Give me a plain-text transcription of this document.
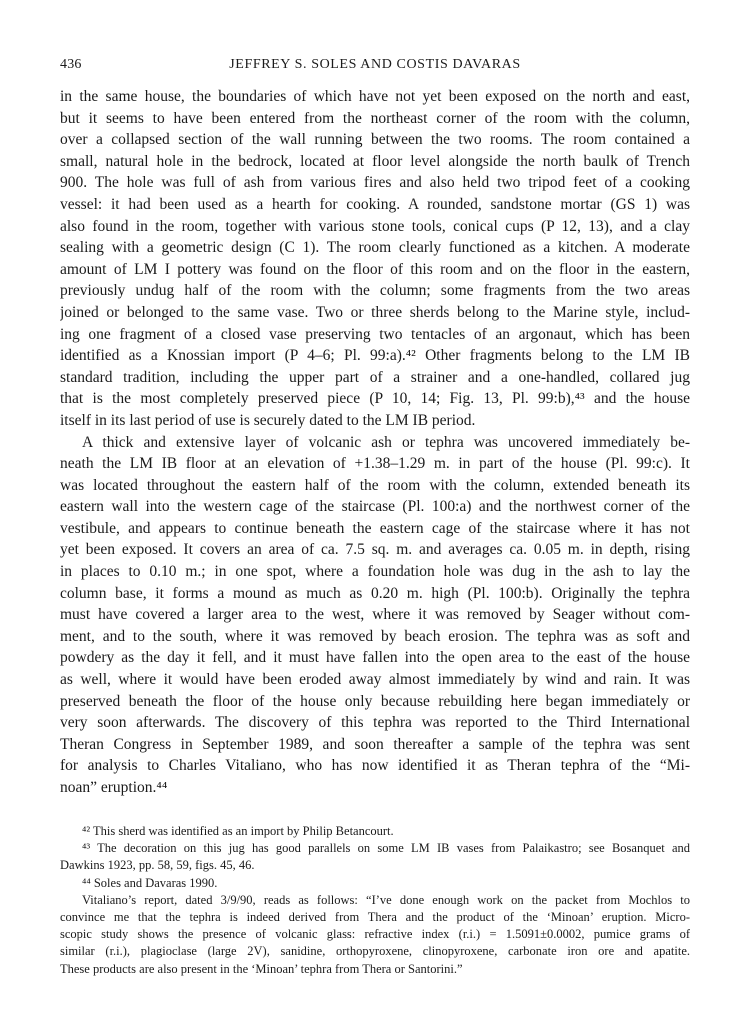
436	JEFFREY S. SOLES AND COSTIS DAVARAS
in the same house, the boundaries of which have not yet been exposed on the north and east,
but it seems to have been entered from the northeast corner of the room with the column,
over a collapsed section of the wall running between the two rooms. The room contained a
small, natural hole in the bedrock, located at floor level alongside the north baulk of Trench
900. The hole was full of ash from various fires and also held two tripod feet of a cooking
vessel: it had been used as a hearth for cooking. A rounded, sandstone mortar (GS 1) was
also found in the room, together with various stone tools, conical cups (P 12, 13), and a clay
sealing with a geometric design (C 1). The room clearly functioned as a kitchen. A moderate
amount of LM I pottery was found on the floor of this room and on the floor in the eastern,
previously undug half of the room with the column; some fragments from the two areas
joined or belonged to the same vase. Two or three sherds belong to the Marine style, includ-
ing one fragment of a closed vase preserving two tentacles of an argonaut, which has been
identified as a Knossian import (P 4–6; Pl. 99:a).⁴² Other fragments belong to the LM IB
standard tradition, including the upper part of a strainer and a one-handled, collared jug
that is the most completely preserved piece (P 10, 14; Fig. 13, Pl. 99:b),⁴³ and the house
itself in its last period of use is securely dated to the LM IB period.
A thick and extensive layer of volcanic ash or tephra was uncovered immediately be-
neath the LM IB floor at an elevation of +1.38–1.29 m. in part of the house (Pl. 99:c). It
was located throughout the eastern half of the room with the column, extended beneath its
eastern wall into the western cage of the staircase (Pl. 100:a) and the northwest corner of the
vestibule, and appears to continue beneath the eastern cage of the staircase where it has not
yet been exposed. It covers an area of ca. 7.5 sq. m. and averages ca. 0.05 m. in depth, rising
in places to 0.10 m.; in one spot, where a foundation hole was dug in the ash to lay the
column base, it forms a mound as much as 0.20 m. high (Pl. 100:b). Originally the tephra
must have covered a larger area to the west, where it was removed by Seager without com-
ment, and to the south, where it was removed by beach erosion. The tephra was as soft and
powdery as the day it fell, and it must have fallen into the open area to the east of the house
as well, where it would have been eroded away almost immediately by wind and rain. It was
preserved beneath the floor of the house only because rebuilding here began immediately or
very soon afterwards. The discovery of this tephra was reported to the Third International
Theran Congress in September 1989, and soon thereafter a sample of the tephra was sent
for analysis to Charles Vitaliano, who has now identified it as Theran tephra of the “Mi-
noan” eruption.⁴⁴
⁴² This sherd was identified as an import by Philip Betancourt.
⁴³ The decoration on this jug has good parallels on some LM IB vases from Palaikastro; see Bosanquet and
Dawkins 1923, pp. 58, 59, figs. 45, 46.
⁴⁴ Soles and Davaras 1990.
Vitaliano’s report, dated 3/9/90, reads as follows: “I’ve done enough work on the packet from Mochlos to
convince me that the tephra is indeed derived from Thera and the product of the ‘Minoan’ eruption. Micro-
scopic study shows the presence of volcanic glass: refractive index (r.i.) = 1.5091±0.0002, pumice grams of
similar (r.i.), plagioclase (large 2V), sanidine, orthopyroxene, clinopyroxene, carbonate iron ore and apatite.
These products are also present in the ‘Minoan’ tephra from Thera or Santorini.”
